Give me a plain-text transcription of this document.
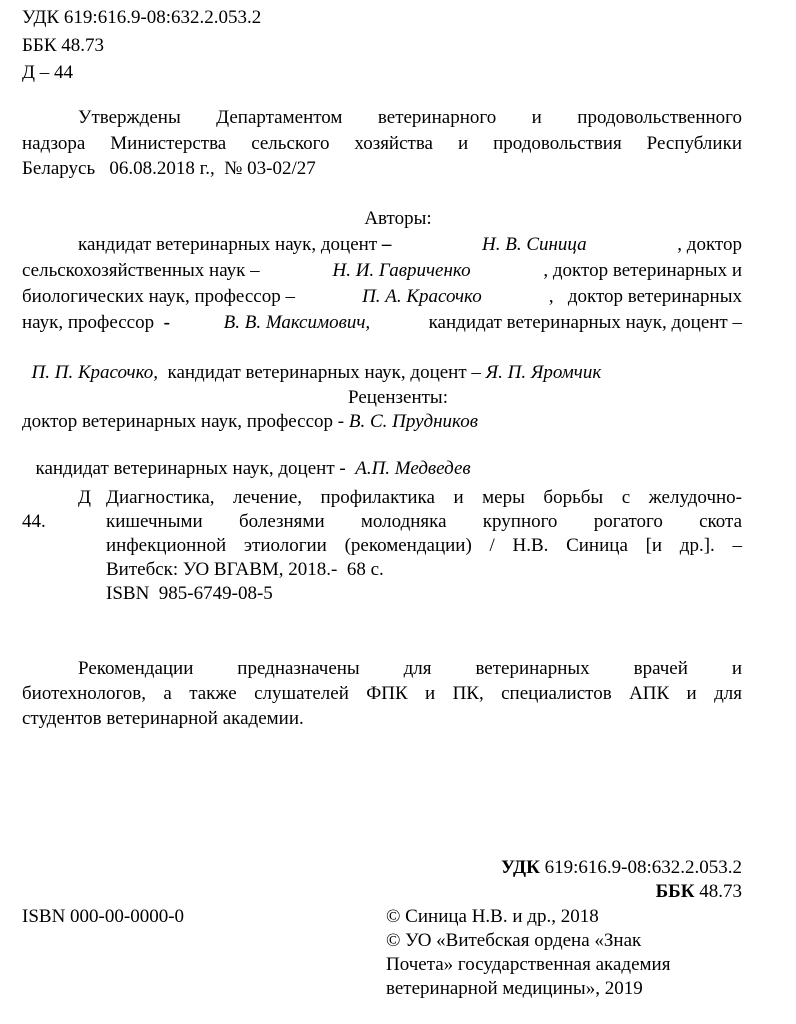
УДК 619:616.9-08:632.2.053.2
ББК 48.73
Д – 44
Утверждены Департаментом ветеринарного и продовольственного
надзора Министерства сельского хозяйства и продовольствия Республики
Беларусь   06.08.2018 г.,  № 03-02/27
Авторы:
кандидат ветеринарных наук, доцент –	Н. В. Синица	, доктор
сельскохозяйственных наук –	Н. И. Гавриченко	, доктор ветеринарных и
биологических наук, профессор –	П. А. Красочко	,   доктор ветеринарных
наук, профессор  -	В. В. Максимович,	кандидат ветеринарных наук, доцент –

П. П. Красочко,  кандидат ветеринарных наук, доцент – Я. П. Яромчик

Рецензенты:
доктор ветеринарных наук, профессор - В. С. Прудников

кандидат ветеринарных наук, доцент -  А.П. Медведев

Д
44.
Диагностика, лечение, профилактика и меры борьбы с желудочно-
кишечными болезнями молодняка крупного рогатого скота
инфекционной этиологии (рекомендации) / Н.В. Синица [и др.]. –
Витебск: УО ВГАВМ, 2018.-  68 с.
ISBN  985-6749-08-5
Рекомендации предназначены для ветеринарных врачей и
биотехнологов, а также слушателей ФПК и ПК, специалистов АПК и для
студентов ветеринарной академии.
УДК 619:616.9-08:632.2.053.2
ББК 48.73
ISBN 000-00-0000-0	© Синица Н.В. и др., 2018
© УО «Витебская ордена «Знак
Почета» государственная академия
ветеринарной медицины», 2019
